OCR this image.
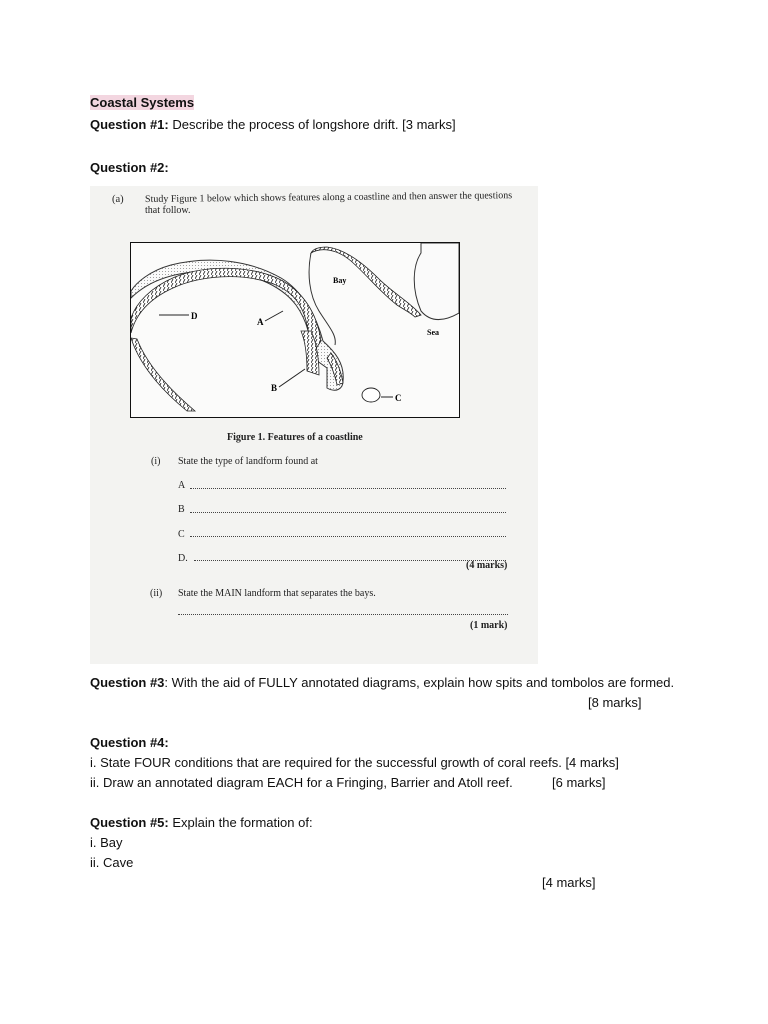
Coastal Systems
Question #1: Describe the process of longshore drift. [3 marks]
Question #2:
(a) Study Figure 1 below which shows features along a coastline and then answer the questions
that follow.
D
A
B
C
Bay
Sea
Figure 1. Features of a coastline
(i) State the type of landform found at
A
B
C
D.
(4 marks)
(ii) State the MAIN landform that separates the bays.
(1 mark)
Question #3: With the aid of FULLY annotated diagrams, explain how spits and tombolos are formed.
[8 marks]
Question #4:
i. State FOUR conditions that are required for the successful growth of coral reefs. [4 marks]
ii. Draw an annotated diagram EACH for a Fringing, Barrier and Atoll reef.	[6 marks]
Question #5: Explain the formation of:
i. Bay
ii. Cave
[4 marks]
